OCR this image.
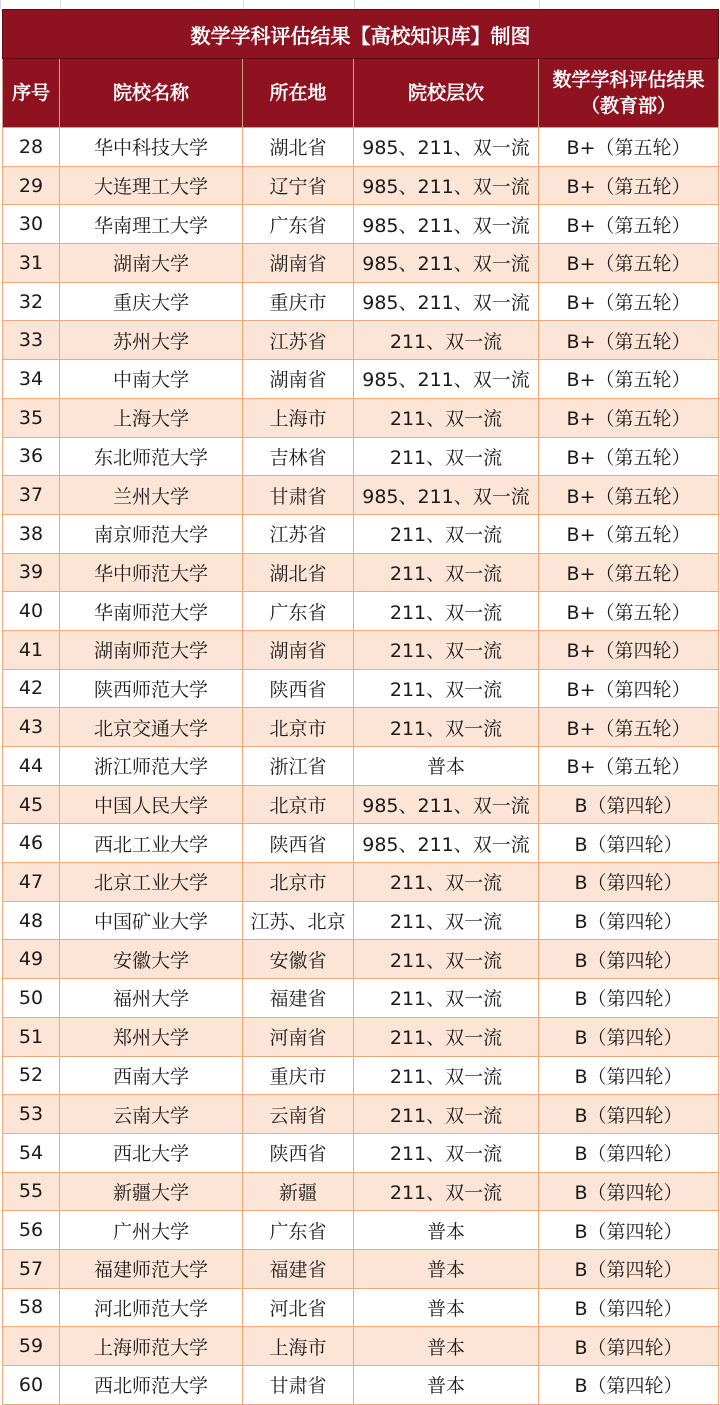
数学学科评估结果【高校知识库】制图				
序号	院校名称	所在地	院校层次	数学学科评估结果
（教育部）

28	华中科技大学	湖北省	985、211、双一流	B+（第五轮）
29	大连理工大学	辽宁省	985、211、双一流	B+（第五轮）
30	华南理工大学	广东省	985、211、双一流	B+（第五轮）
31	湖南大学	湖南省	985、211、双一流	B+（第五轮）
32	重庆大学	重庆市	985、211、双一流	B+（第五轮）
33	苏州大学	江苏省	211、双一流	B+（第五轮）
34	中南大学	湖南省	985、211、双一流	B+（第五轮）
35	上海大学	上海市	211、双一流	B+（第五轮）
36	东北师范大学	吉林省	211、双一流	B+（第五轮）
37	兰州大学	甘肃省	985、211、双一流	B+（第五轮）
38	南京师范大学	江苏省	211、双一流	B+（第五轮）
39	华中师范大学	湖北省	211、双一流	B+（第五轮）
40	华南师范大学	广东省	211、双一流	B+（第五轮）
41	湖南师范大学	湖南省	211、双一流	B+（第四轮）
42	陕西师范大学	陕西省	211、双一流	B+（第四轮）
43	北京交通大学	北京市	211、双一流	B+（第五轮）
44	浙江师范大学	浙江省	普本	B+（第五轮）
45	中国人民大学	北京市	985、211、双一流	B（第四轮）
46	西北工业大学	陕西省	985、211、双一流	B（第四轮）
47	北京工业大学	北京市	211、双一流	B（第四轮）
48	中国矿业大学	江苏、北京	211、双一流	B（第四轮）
49	安徽大学	安徽省	211、双一流	B（第四轮）
50	福州大学	福建省	211、双一流	B（第四轮）
51	郑州大学	河南省	211、双一流	B（第四轮）
52	西南大学	重庆市	211、双一流	B（第四轮）
53	云南大学	云南省	211、双一流	B（第四轮）
54	西北大学	陕西省	211、双一流	B（第四轮）
55	新疆大学	新疆	211、双一流	B（第四轮）
56	广州大学	广东省	普本	B（第四轮）
57	福建师范大学	福建省	普本	B（第四轮）
58	河北师范大学	河北省	普本	B（第四轮）
59	上海师范大学	上海市	普本	B（第四轮）
60	西北师范大学	甘肃省	普本	B（第四轮）
